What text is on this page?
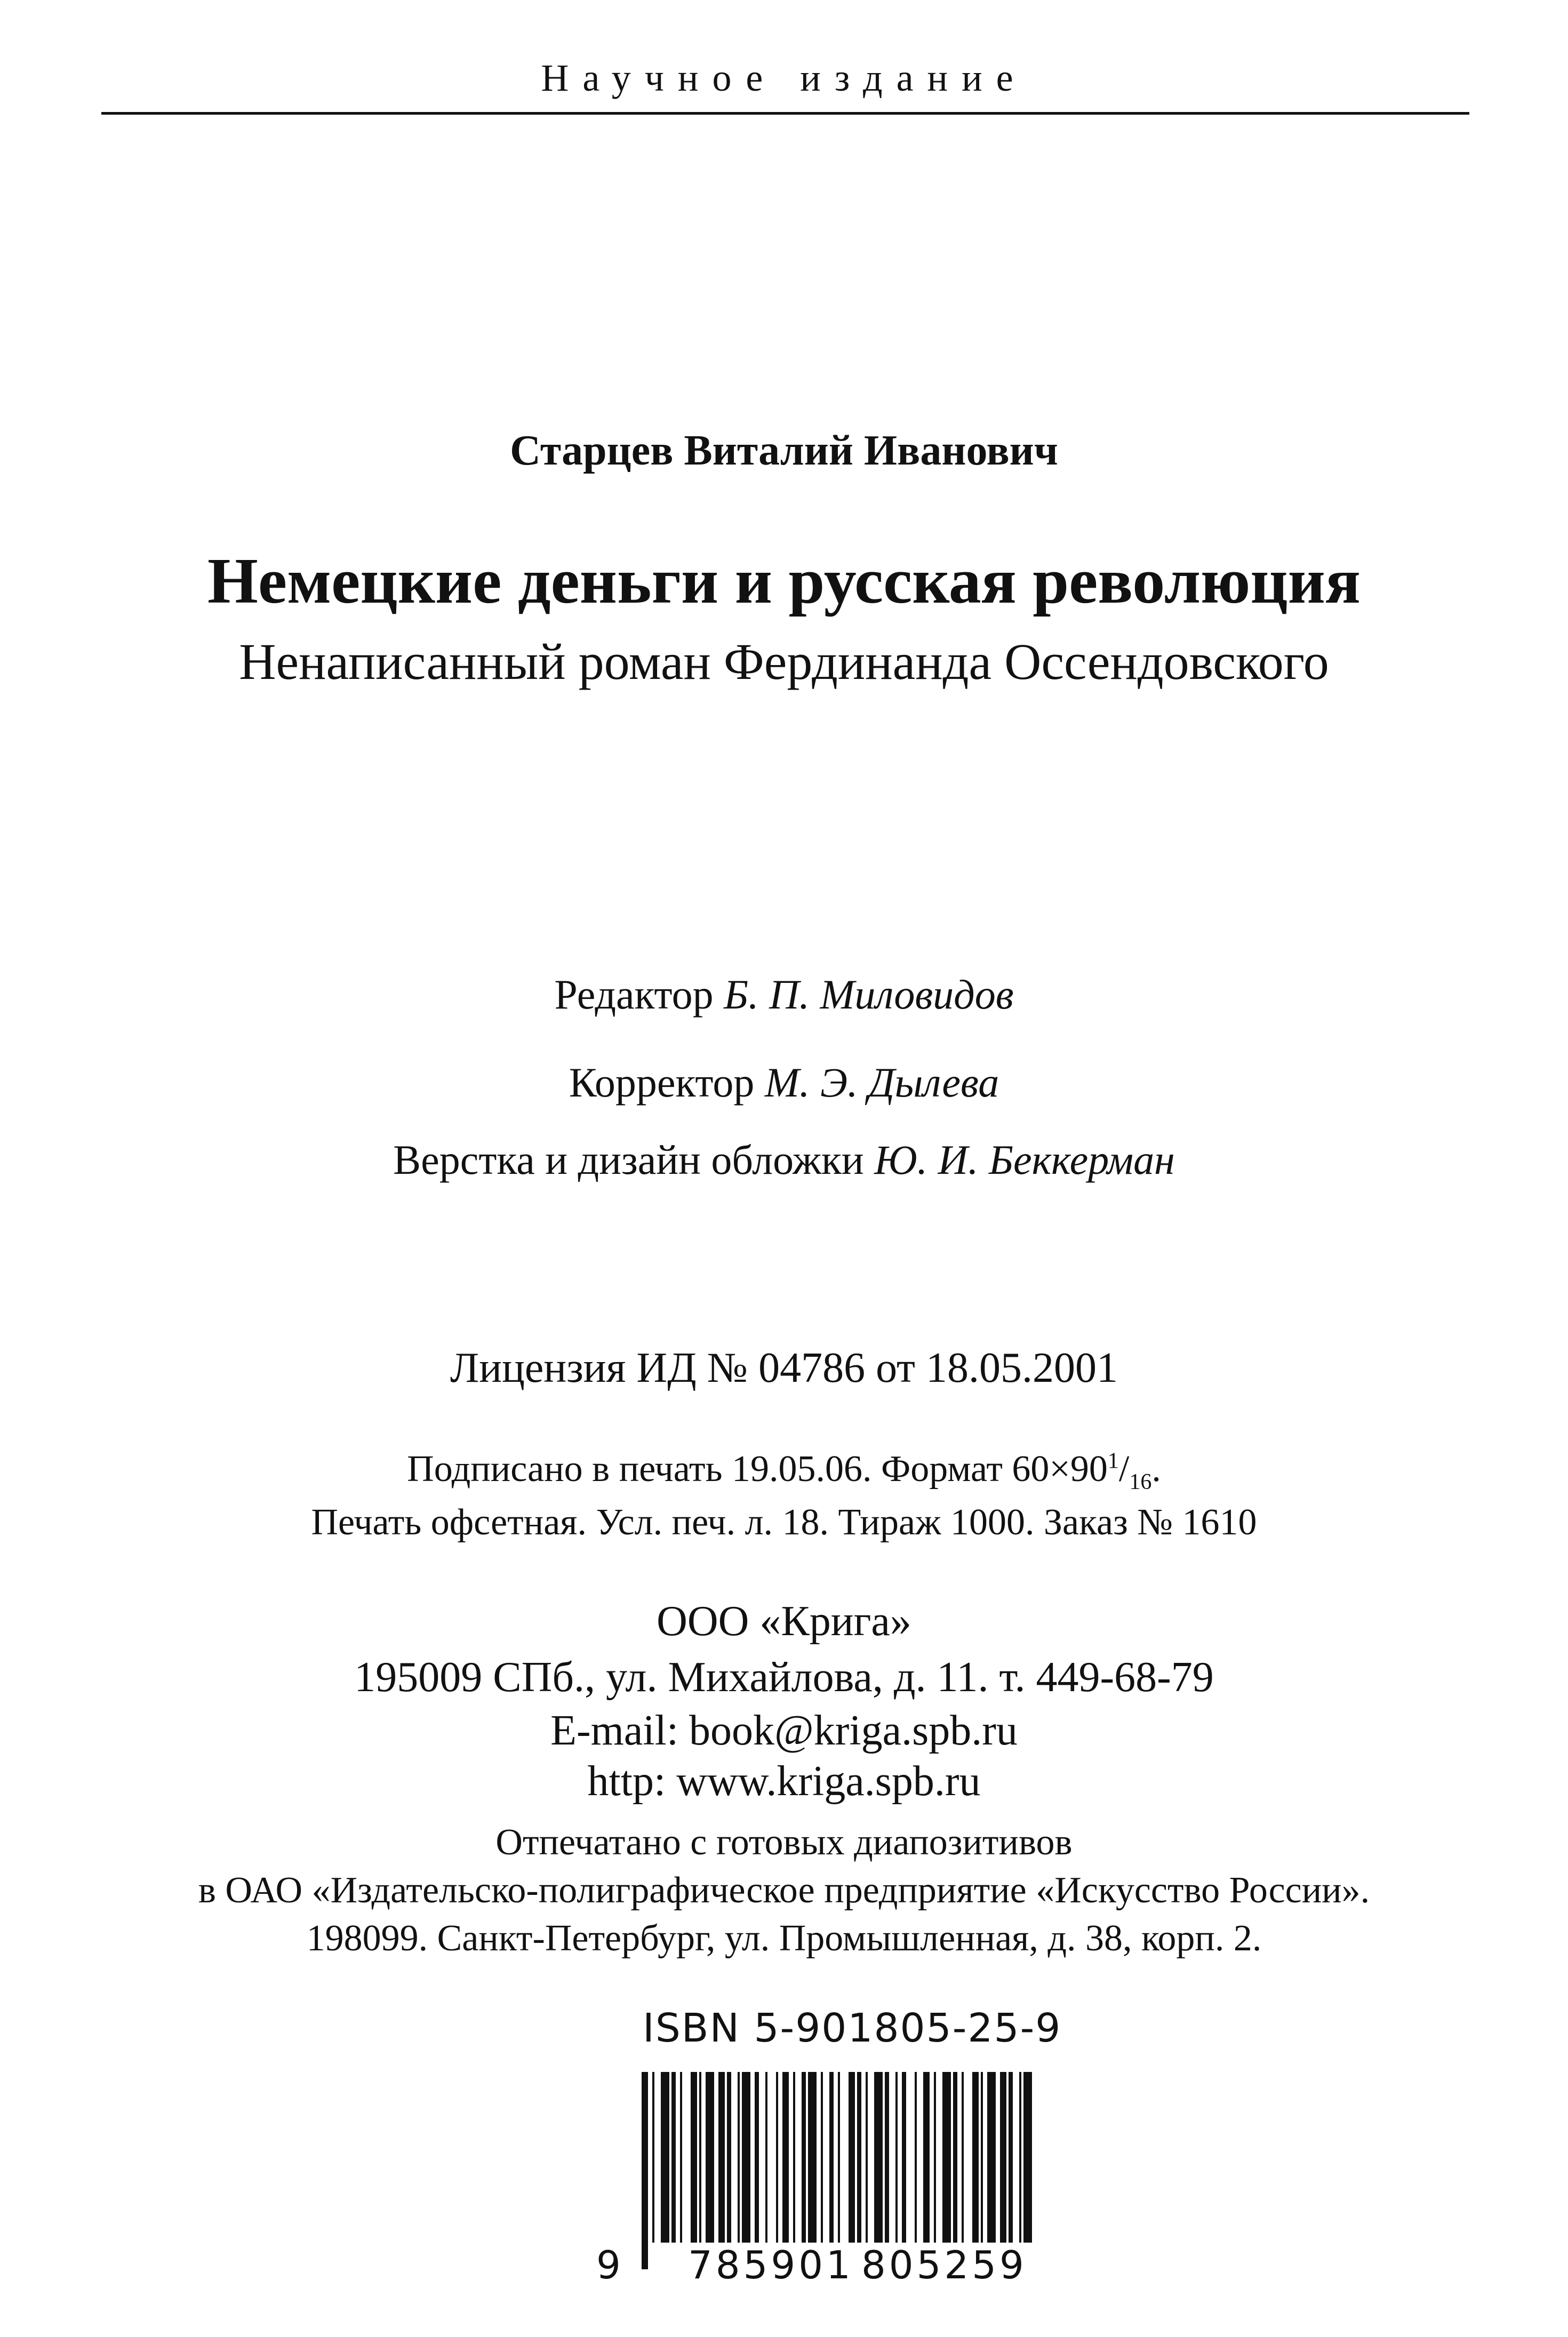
Научное издание
Старцев Виталий Иванович
Немецкие деньги и русская революция
Ненаписанный роман Фердинанда Оссендовского
Редактор Б. П. Миловидов
Корректор М. Э. Дылева
Верстка и дизайн обложки Ю. И. Беккерман
Лицензия ИД № 04786 от 18.05.2001
Подписано в печать 19.05.06. Формат $60\times 90^1/_{16}$.
Печать офсетная. Усл. печ. л. 18. Тираж 1000. Заказ № 1610
ООО «Крига»
195009 СПб., ул. Михайлова, д. 11. т. 449-68-79
E-mail: book@kriga.spb.ru
http: www.kriga.spb.ru
Отпечатано с готовых диапозитивов
в ОАО «Издательско-полиграфическое предприятие «Искусство России».
198099. Санкт-Петербург, ул. Промышленная, д. 38, корп. 2.
ISBN 5-901805-25-9
9 785901 805259
